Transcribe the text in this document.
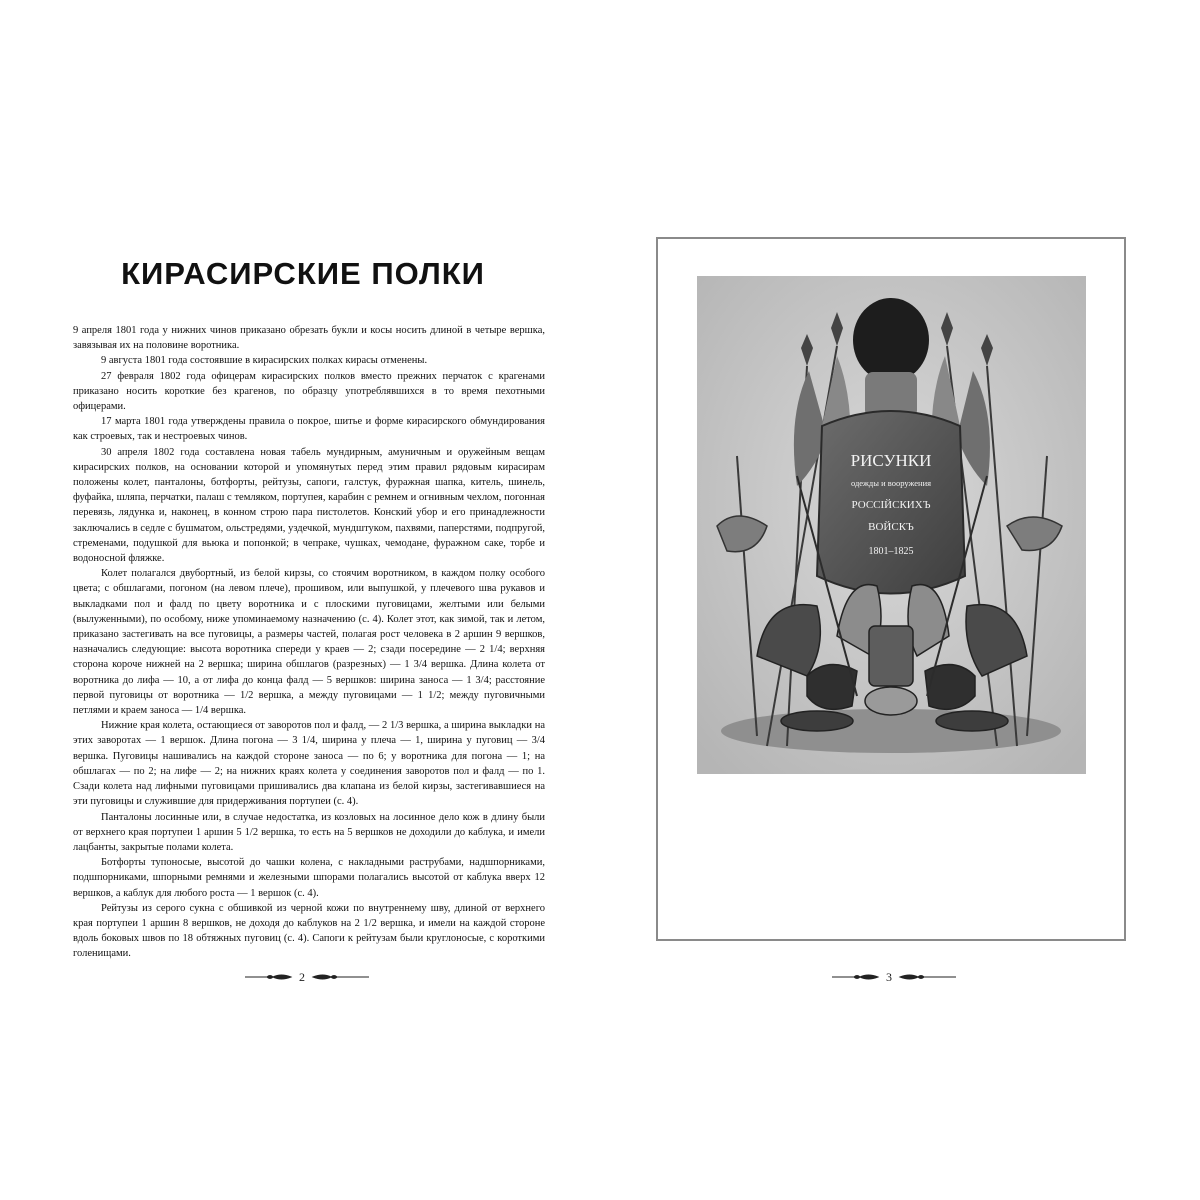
КИРАСИРСКИЕ ПОЛКИ

9 апреля 1801 года у нижних чинов приказано обрезать букли и косы носить длиной в четыре вершка, завязывая их на половине воротника.

9 августа 1801 года состоявшие в кирасирских полках кирасы отменены.

27 февраля 1802 года офицерам кирасирских полков вместо прежних перчаток с крагенами приказано носить короткие без крагенов, по образцу употреблявшихся в то время пехотными офицерами.

17 марта 1801 года утверждены правила о покрое, шитье и форме кирасирского обмундирования как строевых, так и нестроевых чинов.

30 апреля 1802 года составлена новая табель мундирным, амуничным и оружейным вещам кирасирских полков, на основании которой и упомянутых перед этим правил рядовым кирасирам положены колет, панталоны, ботфорты, рейтузы, сапоги, галстук, фуражная шапка, китель, шинель, фуфайка, шляпа, перчатки, палаш с темляком, портупея, карабин с ремнем и огнивным чехлом, погонная перевязь, лядунка и, наконец, в конном строю пара пистолетов. Конский убор и его принадлежности заключались в седле с бушматом, ольстредями, уздечкой, мундштуком, пахвями, паперстями, подпругой, стременами, подушкой для вьюка и попонкой; в чепраке, чушках, чемодане, фуражном саке, торбе и водоносной фляжке.

Колет полагался двубортный, из белой кирзы, со стоячим воротником, в каждом полку особого цвета; с обшлагами, погоном (на левом плече), прошивом, или выпушкой, у плечевого шва рукавов и выкладками пол и фалд по цвету воротника и с плоскими пуговицами, желтыми или белыми (вылуженными), по особому, ниже упоминаемому назначению (с. 4). Колет этот, как зимой, так и летом, приказано застегивать на все пуговицы, а размеры частей, полагая рост человека в 2 аршин 9 вершков, назначались следующие: высота воротника спереди у краев — 2; сзади посередине — 2 1/4; верхняя сторона короче нижней на 2 вершка; ширина обшлагов (разрезных) — 1 3/4 вершка. Длина колета от воротника до лифа — 10, а от лифа до конца фалд — 5 вершков: ширина заноса — 1 3/4; расстояние первой пуговицы от воротника — 1/2 вершка, а между пуговицами — 1 1/2; между пуговичными петлями и краем заноса — 1/4 вершка.

Нижние края колета, остающиеся от заворотов пол и фалд, — 2 1/3 вершка, а ширина выкладки на этих заворотах — 1 вершок. Длина погона — 3 1/4, ширина у плеча — 1, ширина у пуговиц — 3/4 вершка. Пуговицы нашивались на каждой стороне заноса — по 6; у воротника для погона — 1; на обшлагах — по 2; на лифе — 2; на нижних краях колета у соединения заворотов пол и фалд — по 1. Сзади колета над лифными пуговицами пришивались два клапана из белой кирзы, застегивавшиеся на эти пуговицы и служившие для придерживания портупеи (с. 4).

Панталоны лосинные или, в случае недостатка, из козловых на лосинное дело кож в длину были от верхнего края портупеи 1 аршин 5 1/2 вершка, то есть на 5 вершков не доходили до каблука, и имели лацбанты, закрытые полами колета.

Ботфорты тупоносые, высотой до чашки колена, с накладными раструбами, надшпорниками, подшпорниками, шпорными ремнями и железными шпорами полагались высотой от каблука вверх 12 вершков, а каблук для любого роста — 1 вершок (с. 4).

Рейтузы из серого сукна с обшивкой из черной кожи по внутреннему шву, длиной от верхнего края портупеи 1 аршин 8 вершков, не доходя до каблуков на 2 1/2 вершка, и имели на каждой стороне вдоль боковых швов по 18 обтяжных пуговиц (с. 4). Сапоги к рейтузам были круглоносые, с короткими голенищами.

2
РИСУНКИ
одежды и вооружения
РОССІЙСКИХЪ
ВОЙСКЪ
1801–1825
3
